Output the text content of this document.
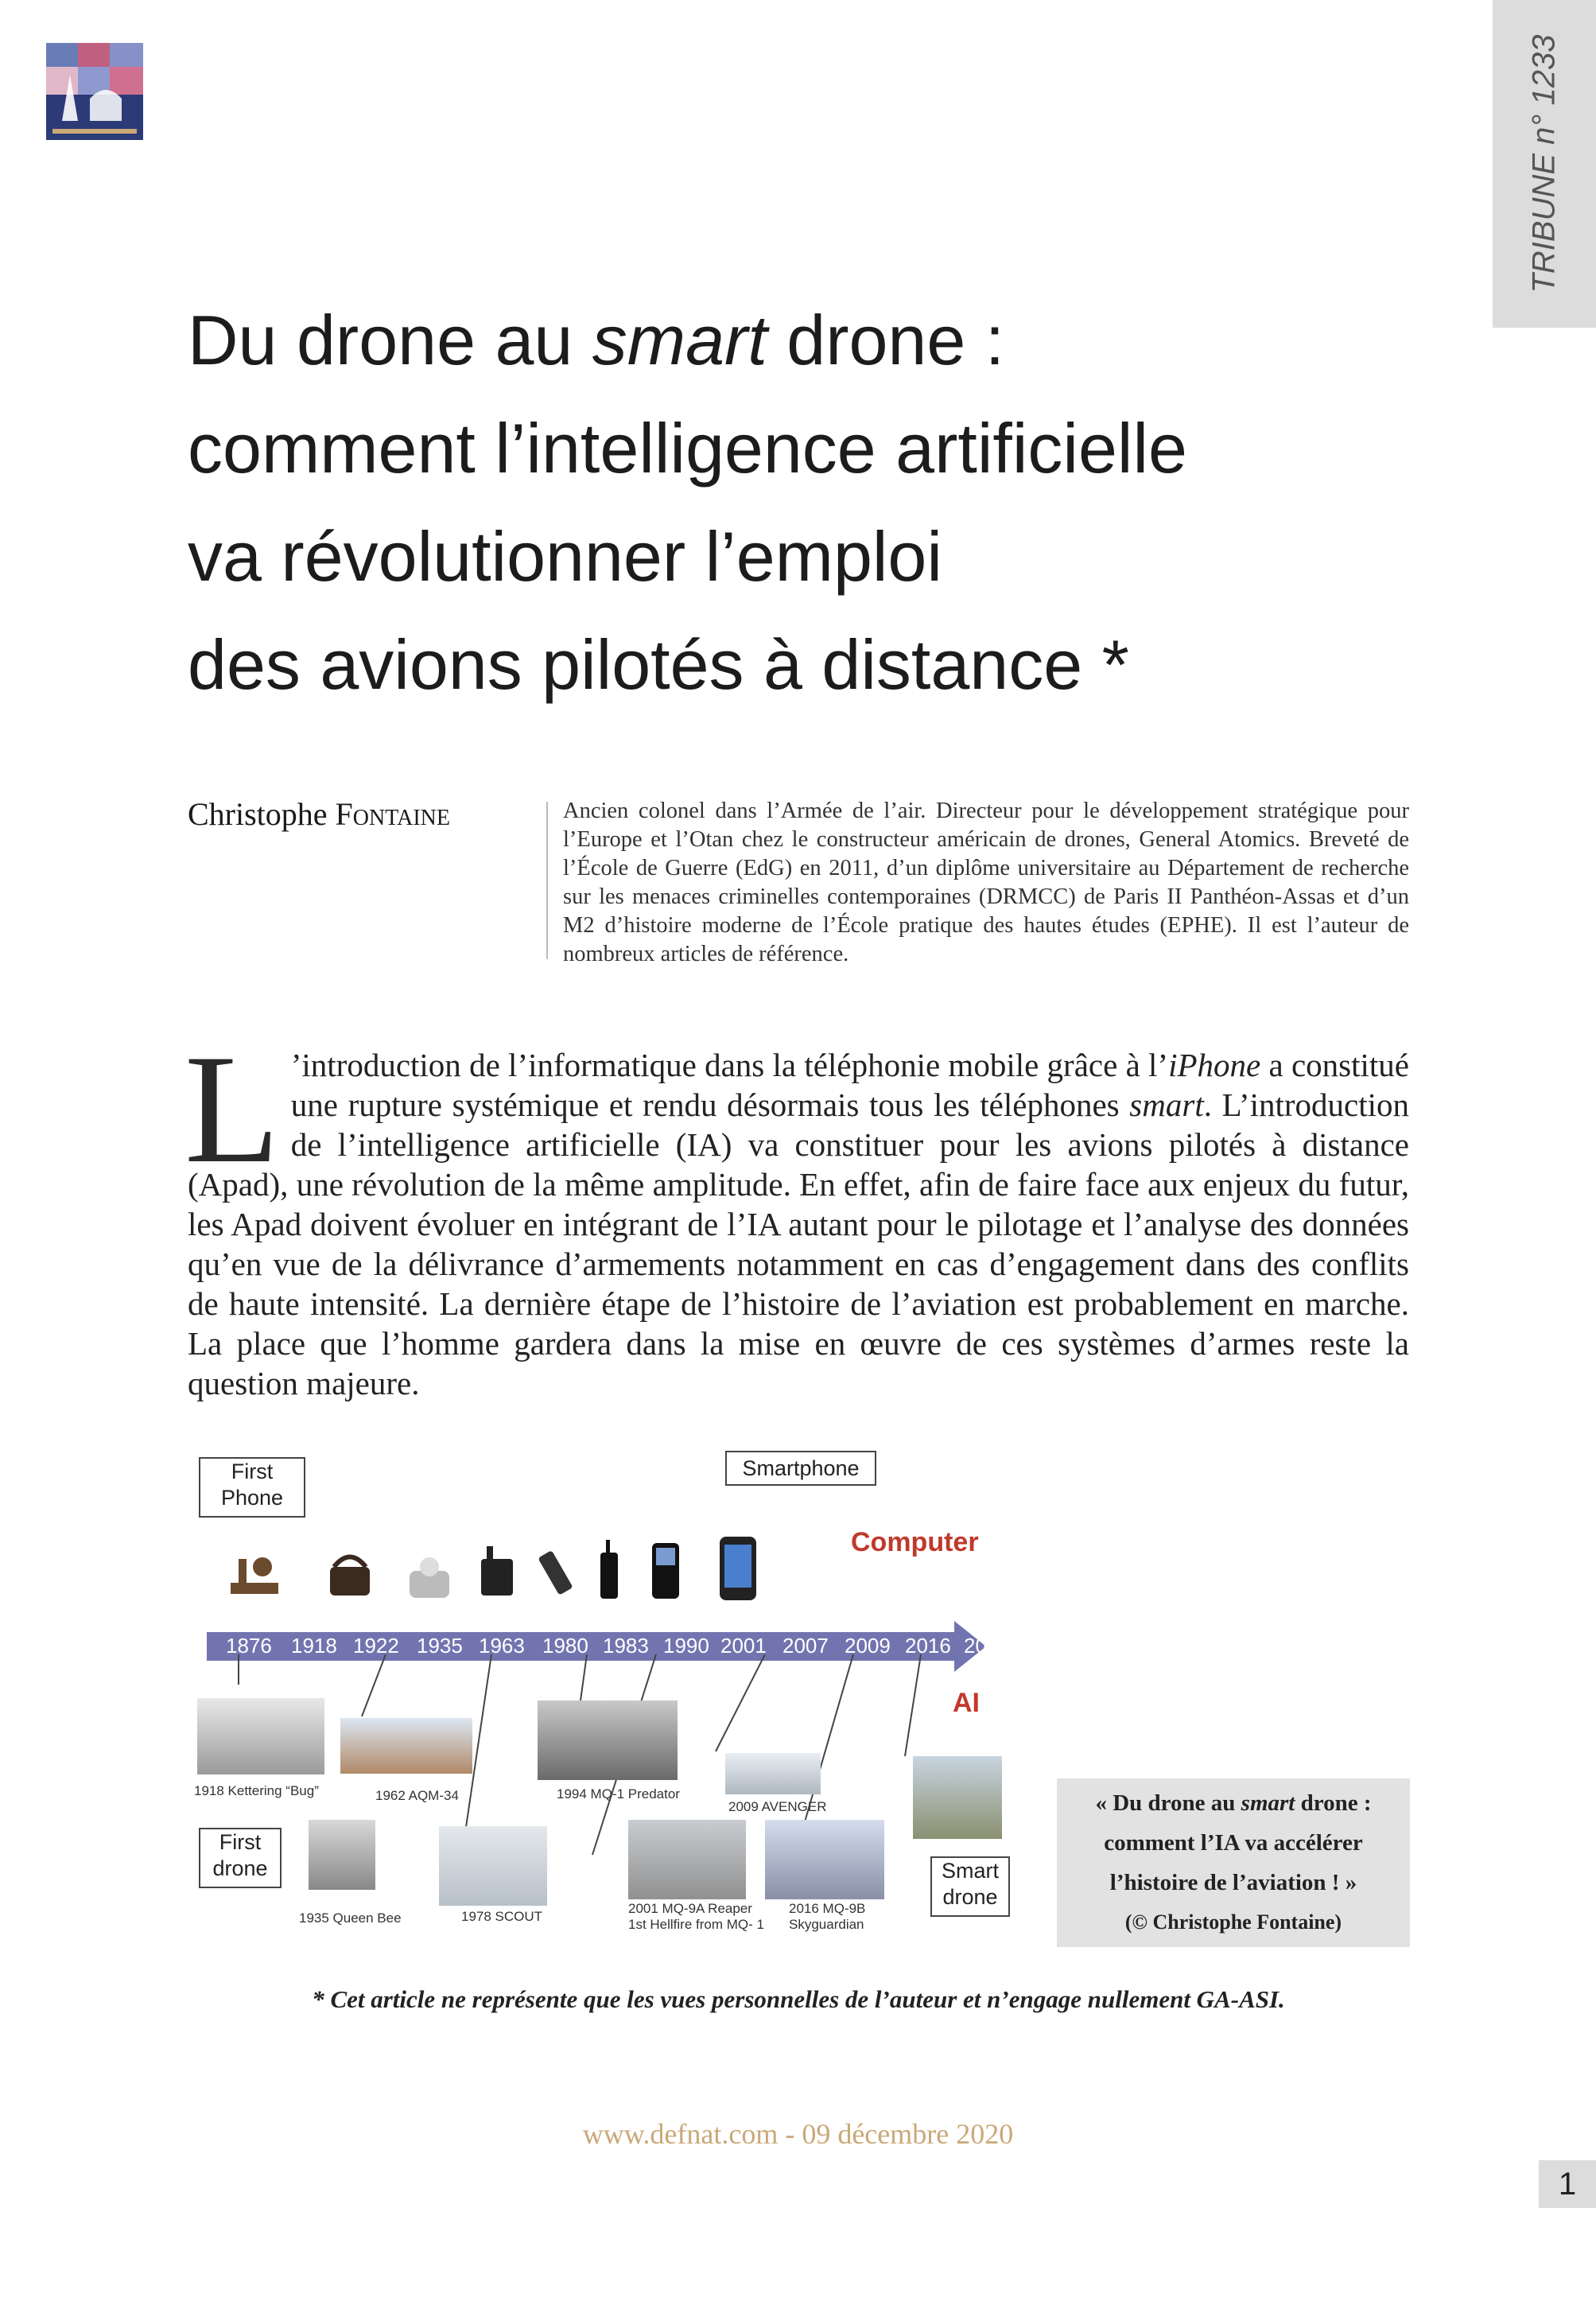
TRIBUNE n° 1233
Du drone au smart drone :
comment l’intelligence artificielle
va révolutionner l’emploi
des avions pilotés à distance *
Christophe Fontaine	Ancien colonel dans l’Armée de l’air. Directeur pour le développement stratégique pour l’Europe et l’Otan chez le constructeur américain de drones, General Atomics. Breveté de l’École de Guerre (EdG) en 2011, d’un diplôme universitaire au Département de recherche sur les menaces criminelles contemporaines (DRMCC) de Paris II Panthéon-Assas et d’un M2 d’histoire moderne de l’École pratique des hautes études (EPHE). Il est l’auteur de nombreux articles de référence.
L ’introduction de l’informatique dans la téléphonie mobile grâce à l’iPhone a constitué une rupture systémique et rendu désormais tous les téléphones smart. L’introduction de l’intelligence artificielle (IA) va constituer pour les avions pilotés à distance (Apad), une révolution de la même amplitude. En effet, afin de faire face aux enjeux du futur, les Apad doivent évoluer en intégrant de l’IA autant pour le pilotage et l’analyse des données qu’en vue de la délivrance d’armements notamment en cas d’engagement dans des conflits de haute intensité. La dernière étape de l’histoire de l’aviation est probablement en marche. La place que l’homme gardera dans la mise en œuvre de ces systèmes d’armes reste la question majeure.
First
Phone
Smartphone
Computer
1876 1918 1922 1935 1963 1980 1983 1990 2001 2007 2009 2016 2020+
AI
1918 Kettering “Bug”	1962 AQM-34	1994 MQ-1 Predator
2009 AVENGER
First
drone
1935 Queen Bee	1978 SCOUT
2001 MQ-9A Reaper
1st Hellfire from MQ- 1
2016 MQ-9B
Skyguardian
Smart
drone
« Du drone au smart drone :
comment l’IA va accélérer
l’histoire de l’aviation ! »
(© Christophe Fontaine)
* Cet article ne représente que les vues personnelles de l’auteur et n’engage nullement GA-ASI.
www.defnat.com - 09 décembre 2020
1
